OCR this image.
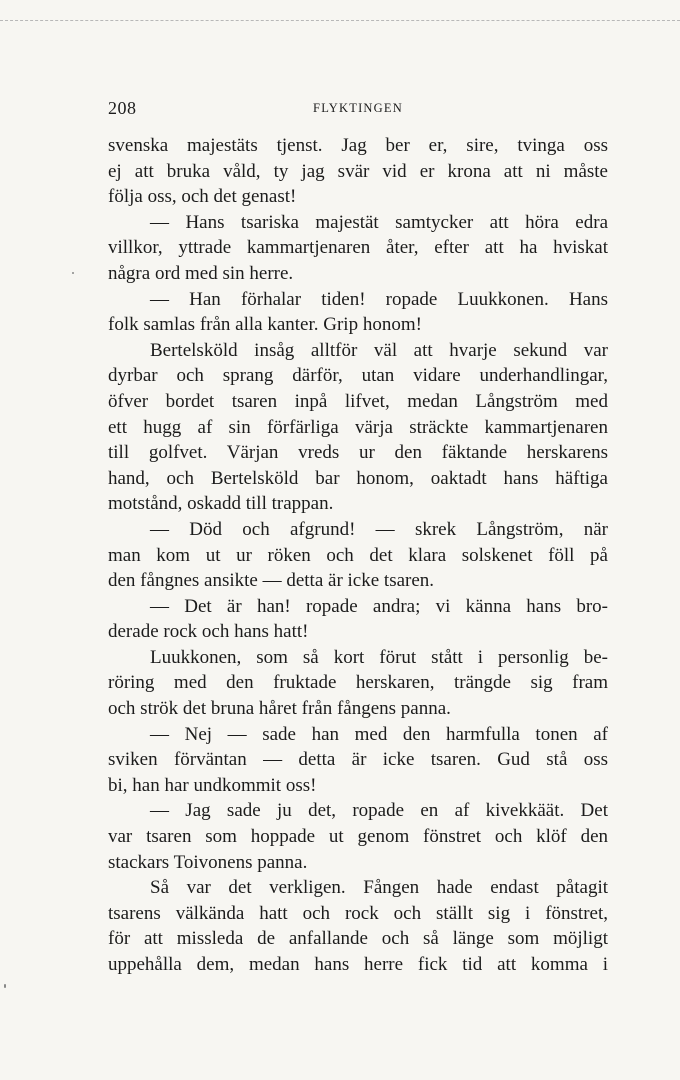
208	FLYKTINGEN

svenska majestäts tjenst. Jag ber er, sire, tvinga oss

ej att bruka våld, ty jag svär vid er krona att ni måste

följa oss, och det genast!

— Hans tsariska majestät samtycker att höra edra

villkor, yttrade kammartjenaren åter, efter att ha hviskat

några ord med sin herre.

— Han förhalar tiden! ropade Luukkonen. Hans

folk samlas från alla kanter. Grip honom!

Bertelsköld insåg alltför väl att hvarje sekund var

dyrbar och sprang därför, utan vidare underhandlingar,

öfver bordet tsaren inpå lifvet, medan Långström med

ett hugg af sin förfärliga värja sträckte kammartjenaren

till golfvet. Värjan vreds ur den fäktande herskarens

hand, och Bertelsköld bar honom, oaktadt hans häftiga

motstånd, oskadd till trappan.

— Död och afgrund! — skrek Långström, när

man kom ut ur röken och det klara solskenet föll på

den fångnes ansikte — detta är icke tsaren.

— Det är han! ropade andra; vi känna hans bro-

derade rock och hans hatt!

Luukkonen, som så kort förut stått i personlig be-

röring med den fruktade herskaren, trängde sig fram

och strök det bruna håret från fångens panna.

— Nej — sade han med den harmfulla tonen af

sviken förväntan — detta är icke tsaren. Gud stå oss

bi, han har undkommit oss!

— Jag sade ju det, ropade en af kivekkäät. Det

var tsaren som hoppade ut genom fönstret och klöf den

stackars Toivonens panna.

Så var det verkligen. Fången hade endast påtagit

tsarens välkända hatt och rock och ställt sig i fönstret,

för att missleda de anfallande och så länge som möjligt

uppehålla dem, medan hans herre fick tid att komma i
